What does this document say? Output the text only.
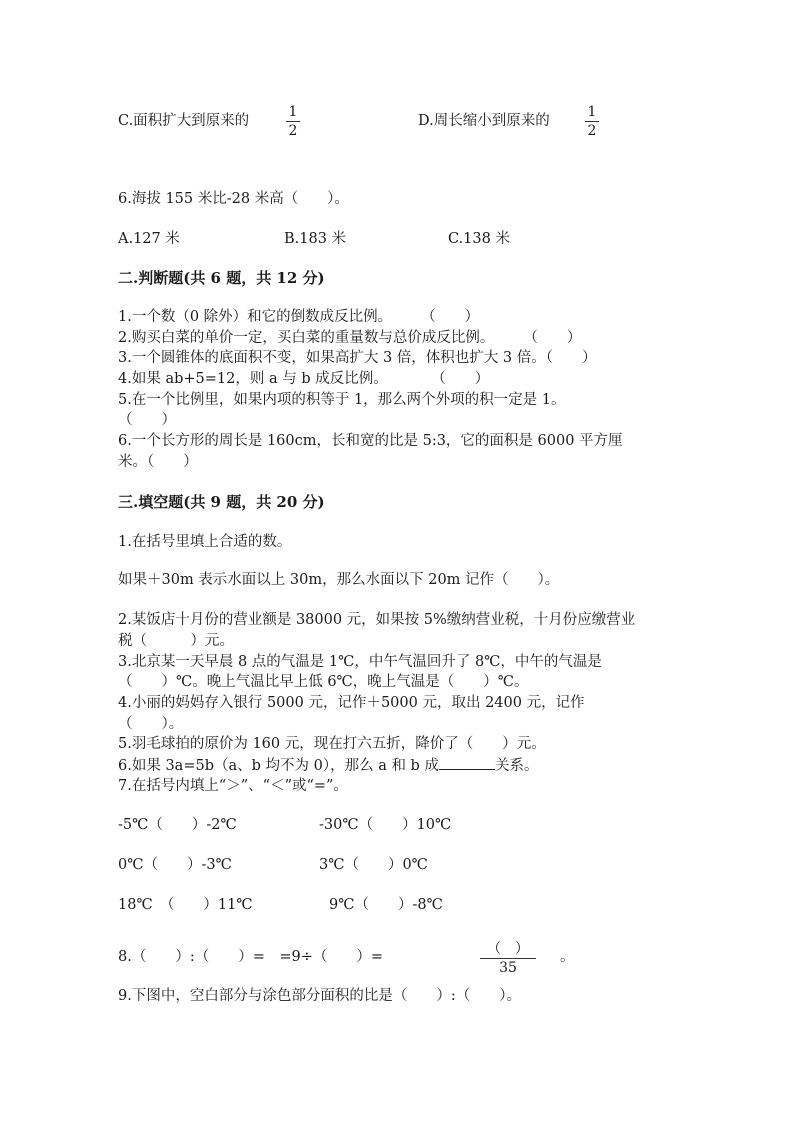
C.面积扩大到原来的
1
2
D.周长缩小到原来的
1
2
6.海拔 155 米比-28 米高（　　）。
A.127 米	B.183 米	C.138 米
二.判断题(共 6 题，共 12 分)
1.一个数（0 除外）和它的倒数成反比例。　　　（　　）
2.购买白菜的单价一定，买白菜的重量数与总价成反比例。　　　（　　）
3.一个圆锥体的底面积不变，如果高扩大 3 倍，体积也扩大 3 倍。（　　）
4.如果 ab+5=12，则 a 与 b 成反比例。　　　　（　　）
5.在一个比例里，如果内项的积等于 1，那么两个外项的积一定是 1。
（　　）
6.一个长方形的周长是 160cm，长和宽的比是 5:3，它的面积是 6000 平方厘
米。（　　）
三.填空题(共 9 题，共 20 分)
1.在括号里填上合适的数。
如果＋30m 表示水面以上 30m，那么水面以下 20m 记作（　　）。
2.某饭店十月份的营业额是 38000 元，如果按 5%缴纳营业税，十月份应缴营业
税（　　　）元。
3.北京某一天早晨 8 点的气温是 1℃，中午气温回升了 8℃，中午的气温是
（　　）℃。晚上气温比早上低 6℃，晚上气温是（　　）℃。
4.小丽的妈妈存入银行 5000 元，记作＋5000 元，取出 2400 元，记作
（　　）。
5.羽毛球拍的原价为 160 元，现在打六五折，降价了（　　）元。
6.如果 3a=5b（a、b 均不为 0），那么 a 和 b 成	关系。
7.在括号内填上“＞”、“＜”或“=”。
-5℃（　　）-2℃	-30℃（　　）10℃
0℃（　　）-3℃	3℃（　　）0℃
18℃　（　　）11℃	9℃（　　）-8℃
8.（　　）:（　　）=　=9÷（　　）=	（　）
35
。
9.下图中，空白部分与涂色部分面积的比是（　　）:（　　）。
